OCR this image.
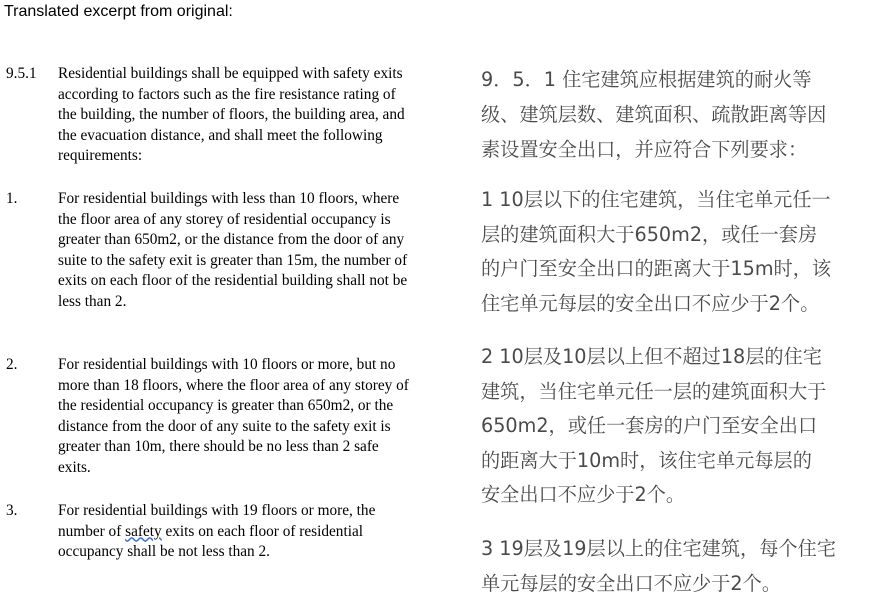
Translated excerpt from original:
9.5.1 Residential buildings shall be equipped with safety exits
according to factors such as the fire resistance rating of
the building, the number of floors, the building area, and
the evacuation distance, and shall meet the following
requirements:
1.	For residential buildings with less than 10 floors, where
the floor area of any storey of residential occupancy is
greater than 650m2, or the distance from the door of any
suite to the safety exit is greater than 15m, the number of
exits on each floor of the residential building shall not be
less than 2.
2.	For residential buildings with 10 floors or more, but no
more than 18 floors, where the floor area of any storey of
the residential occupancy is greater than 650m2, or the
distance from the door of any suite to the safety exit is
greater than 10m, there should be no less than 2 safe
exits.
3.	For residential buildings with 19 floors or more, the
number of safety exits on each floor of residential
occupancy shall be not less than 2.
9．5．1 住宅建筑应根据建筑的耐火等
级、建筑层数、建筑面积、疏散距离等因
素设置安全出口，并应符合下列要求：
1 10层以下的住宅建筑，当住宅单元任一
层的建筑面积大于650m2，或任一套房
的户门至安全出口的距离大于15m时，该
住宅单元每层的安全出口不应少于2个。
2 10层及10层以上但不超过18层的住宅
建筑，当住宅单元任一层的建筑面积大于
650m2，或任一套房的户门至安全出口
的距离大于10m时，该住宅单元每层的
安全出口不应少于2个。
3 19层及19层以上的住宅建筑，每个住宅
单元每层的安全出口不应少于2个。
